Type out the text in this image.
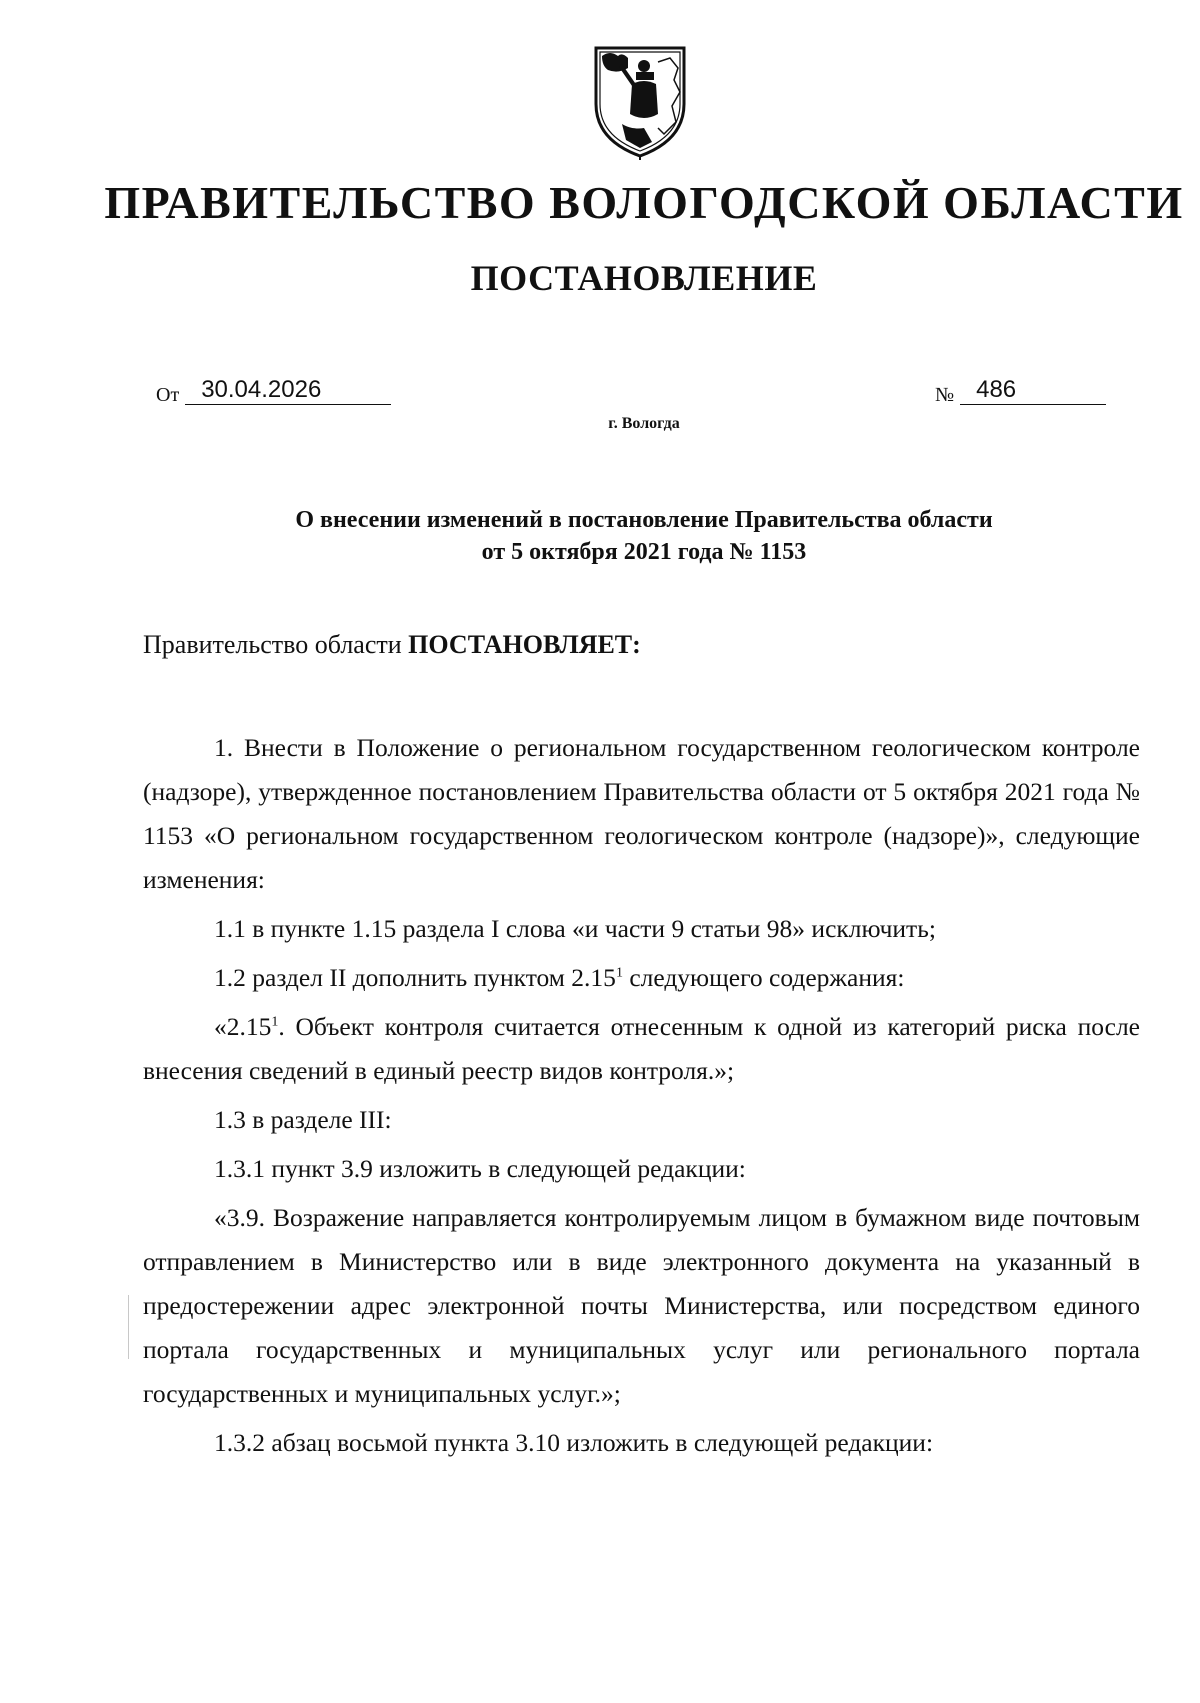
ПРАВИТЕЛЬСТВО ВОЛОГОДСКОЙ ОБЛАСТИ
ПОСТАНОВЛЕНИЕ
От 30.04.2026	№ 486
г. Вологда
О внесении изменений в постановление Правительства области
от 5 октября 2021 года № 1153
Правительство области ПОСТАНОВЛЯЕТ:

1. Внести в Положение о региональном государственном геологическом контроле (надзоре), утвержденное постановлением Правительства области от 5 октября 2021 года № 1153 «О региональном государственном геологическом контроле (надзоре)», следующие изменения:

1.1 в пункте 1.15 раздела I слова «и части 9 статьи 98» исключить;

1.2 раздел II дополнить пунктом 2.15$^1$ следующего содержания:

«2.15$^1$. Объект контроля считается отнесенным к одной из категорий риска после внесения сведений в единый реестр видов контроля.»;

1.3 в разделе III:

1.3.1 пункт 3.9 изложить в следующей редакции:

«3.9. Возражение направляется контролируемым лицом в бумажном виде почтовым отправлением в Министерство или в виде электронного документа на указанный в предостережении адрес электронной почты Министерства, или посредством единого портала государственных и муниципальных услуг или регионального портала государственных и муниципальных услуг.»;

1.3.2 абзац восьмой пункта 3.10 изложить в следующей редакции:
